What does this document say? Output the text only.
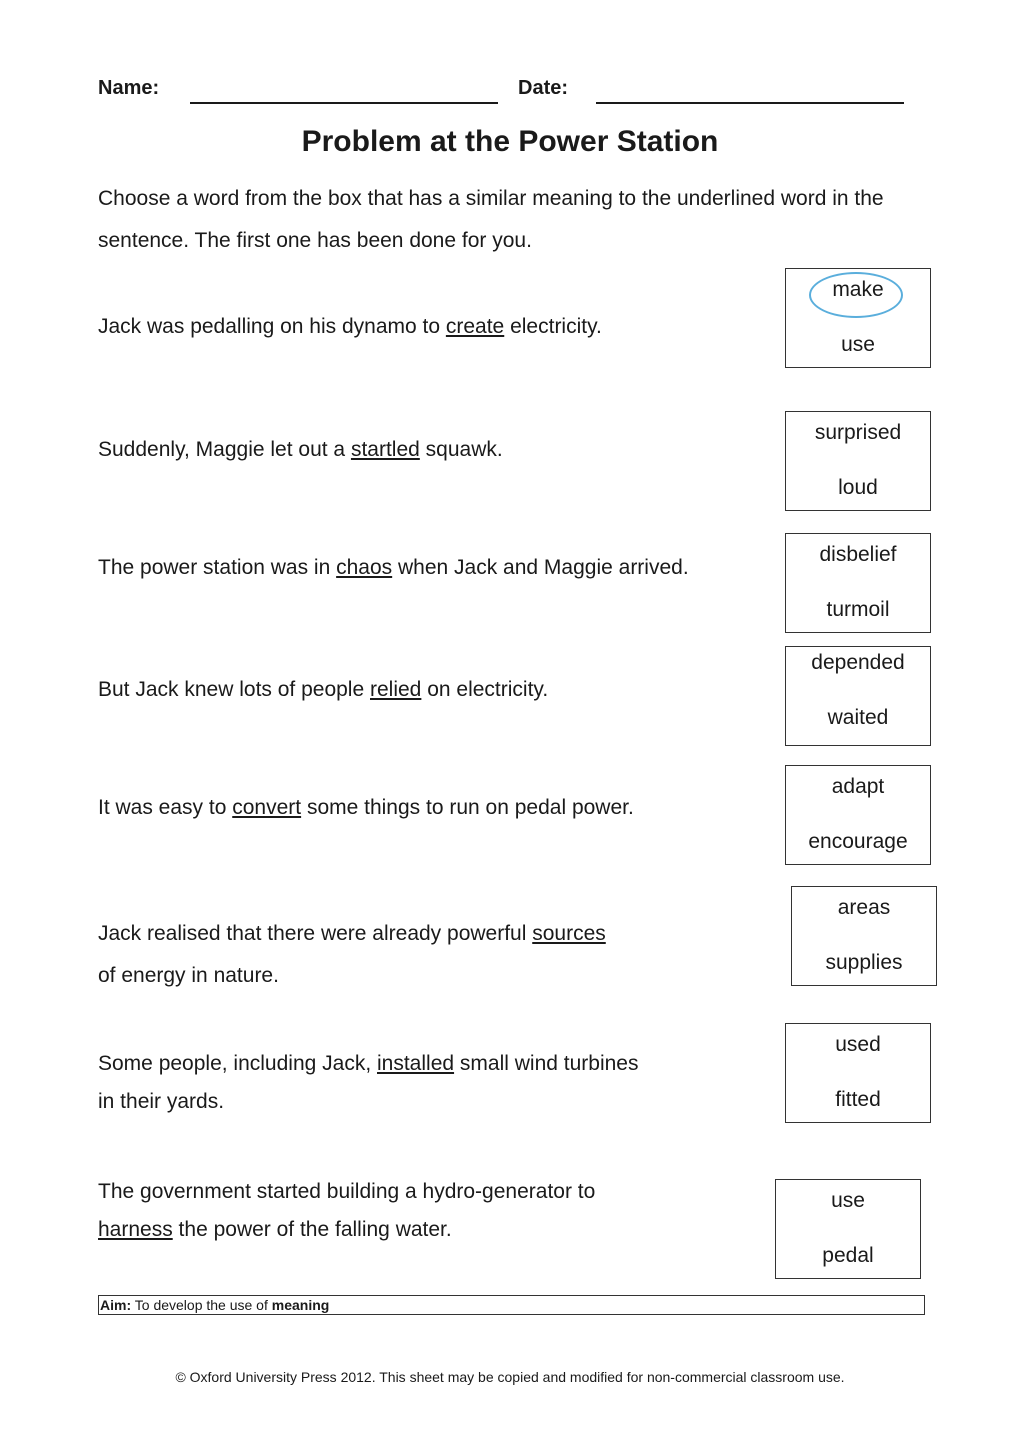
Name:	Date:
Problem at the Power Station
Choose a word from the box that has a similar meaning to the underlined word in the sentence. The first one has been done for you.
Jack was pedalling on his dynamo to create electricity.
Suddenly, Maggie let out a startled squawk.
The power station was in chaos when Jack and Maggie arrived.
But Jack knew lots of people relied on electricity.
It was easy to convert some things to run on pedal power.
Jack realised that there were already powerful sources
of energy in nature.
Some people, including Jack, installed small wind turbines
in their yards.
The government started building a hydro-generator to
harness the power of the falling water.
make
use
surprised
loud
disbelief
turmoil
depended
waited
adapt
encourage
areas
supplies
used
fitted
use
pedal
Aim: To develop the use of meaning
© Oxford University Press 2012. This sheet may be copied and modified for non-commercial classroom use.
